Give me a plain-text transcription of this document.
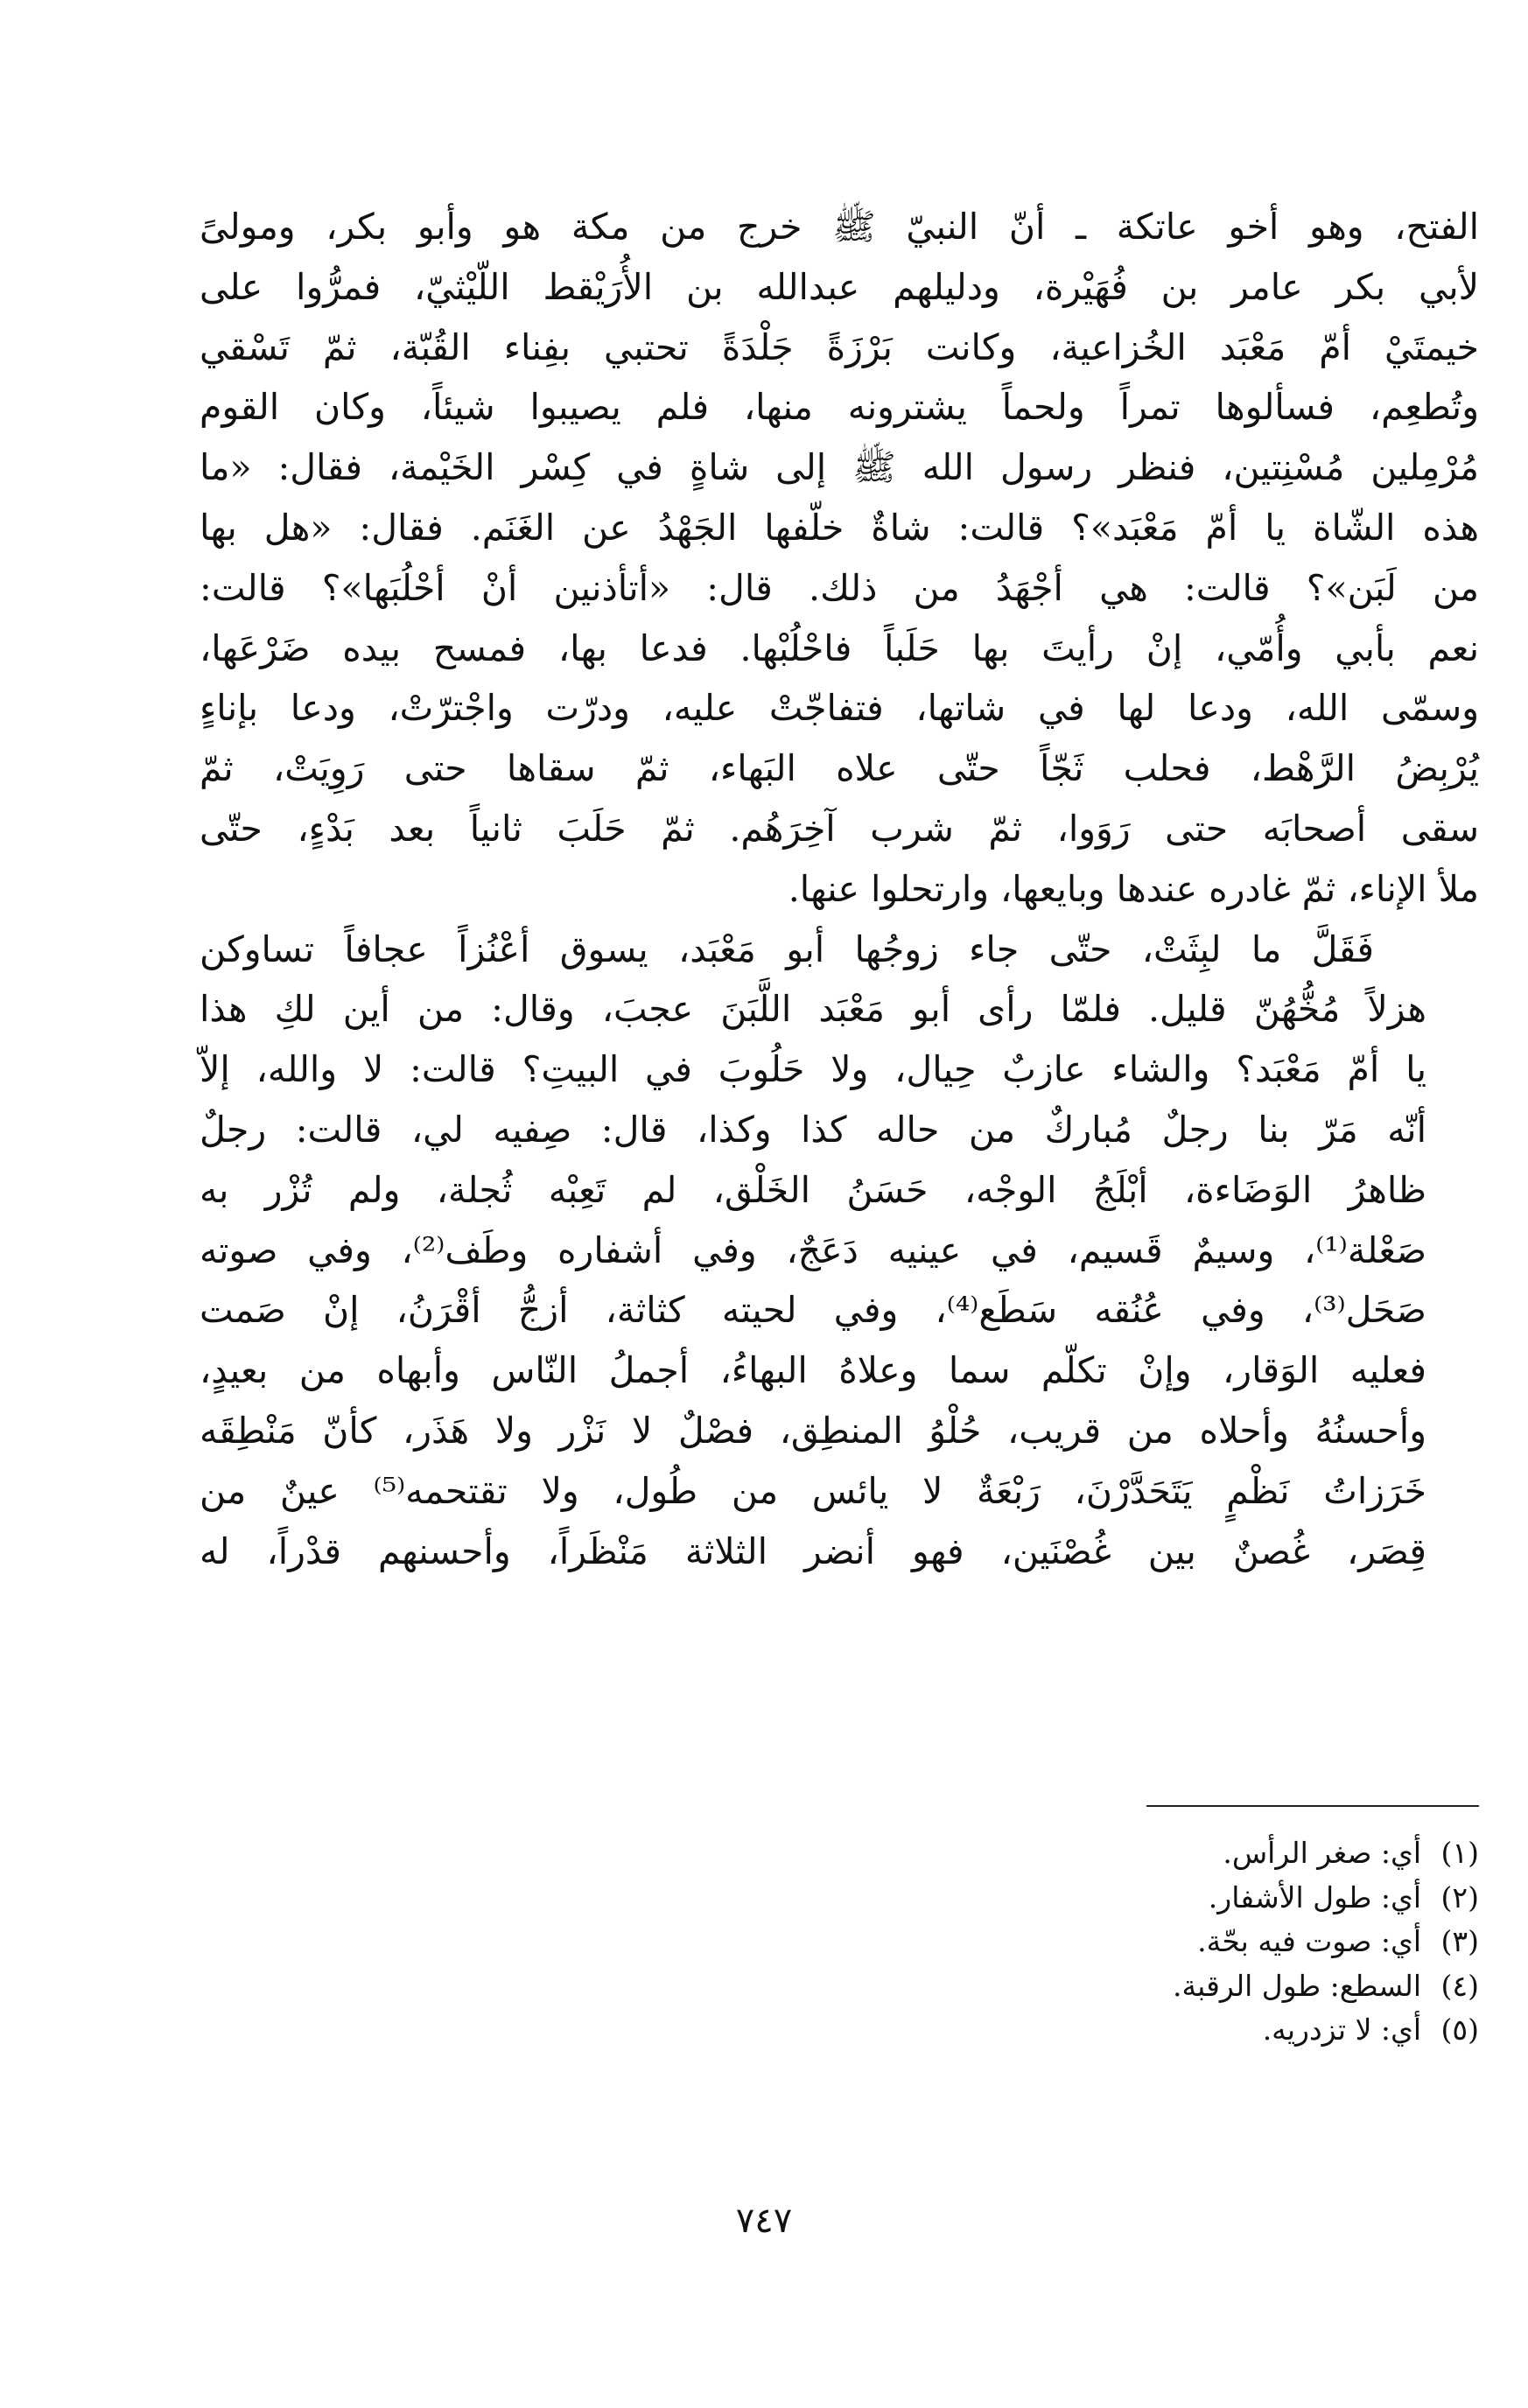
الفتح، وهو أخو عاتكة ـ أنّ النبيّ ﷺ خرج من مكة هو وأبو بكر، ومولىً
لأبي بكر عامر بن فُهَيْرة، ودليلهم عبدالله بن الأُرَيْقط اللّيْثيّ، فمرُّوا على
خيمتَيْ أمّ مَعْبَد الخُزاعية، وكانت بَرْزَةً جَلْدَةً تحتبي بفِناء القُبّة، ثمّ تَسْقي
وتُطعِم، فسألوها تمراً ولحماً يشترونه منها، فلم يصيبوا شيئاً، وكان القوم
مُرْمِلين مُسْنِتين، فنظر رسول الله ﷺ إلى شاةٍ في كِسْر الخَيْمة، فقال: «ما
هذه الشّاة يا أمّ مَعْبَد»؟ قالت: شاةٌ خلّفها الجَهْدُ عن الغَنَم. فقال: «هل بها
من لَبَن»؟ قالت: هي أجْهَدُ من ذلك. قال: «أتأذنين أنْ أحْلُبَها»؟ قالت:
نعم بأبي وأُمّي، إنْ رأيتَ بها حَلَباً فاحْلُبْها. فدعا بها، فمسح بيده ضَرْعَها،
وسمّى الله، ودعا لها في شاتها، فتفاجّتْ عليه، ودرّت واجْترّتْ، ودعا بإناءٍ
يُرْبِضُ الرَّهْط، فحلب ثَجّاً حتّى علاه البَهاء، ثمّ سقاها حتى رَوِيَتْ، ثمّ
سقى أصحابَه حتى رَوَوا، ثمّ شرب آخِرَهُم. ثمّ حَلَبَ ثانياً بعد بَدْءٍ، حتّى
ملأ الإناء، ثمّ غادره عندها وبايعها، وارتحلوا عنها.
فَقَلَّ ما لبِثَتْ، حتّى جاء زوجُها أبو مَعْبَد، يسوق أعْنُزاً عجافاً تساوكن
هزلاً مُخُّهُنّ قليل. فلمّا رأى أبو مَعْبَد اللَّبَنَ عجبَ، وقال: من أين لكِ هذا
يا أمّ مَعْبَد؟ والشاء عازبٌ حِيال، ولا حَلُوبَ في البيتِ؟ قالت: لا والله، إلاّ
أنّه مَرّ بنا رجلٌ مُباركٌ من حاله كذا وكذا، قال: صِفيه لي، قالت: رجلٌ
ظاهرُ الوَضَاءة، أبْلَجُ الوجْه، حَسَنُ الخَلْق، لم تَعِبْه ثُجلة، ولم تُزْر به
صَعْلة⁽¹⁾، وسيمٌ قَسيم، في عينيه دَعَجٌ، وفي أشفاره وطَف⁽²⁾، وفي صوته
صَحَل⁽³⁾، وفي عُنُقه سَطَع⁽⁴⁾، وفي لحيته كثاثة، أزجُّ أقْرَنُ، إنْ صَمت
فعليه الوَقار، وإنْ تكلّم سما وعلاهُ البهاءُ، أجملُ النّاس وأبهاه من بعيدٍ،
وأحسنُهُ وأحلاه من قريب، حُلْوُ المنطِق، فصْلٌ لا نَزْر ولا هَذَر، كأنّ مَنْطِقَه
خَرَزاتُ نَظْمٍ يَتَحَدَّرْنَ، رَبْعَةٌ لا يائس من طُول، ولا تقتحمه⁽⁵⁾ عينٌ من
قِصَر، غُصنٌ بين غُصْنَين، فهو أنضر الثلاثة مَنْظَراً، وأحسنهم قدْراً، له
(١)
أي: صغر الرأس.
(٢)
أي: طول الأشفار.
(٣)
أي: صوت فيه بحّة.
(٤)
السطع: طول الرقبة.
(٥)
أي: لا تزدريه.
٧٤٧
